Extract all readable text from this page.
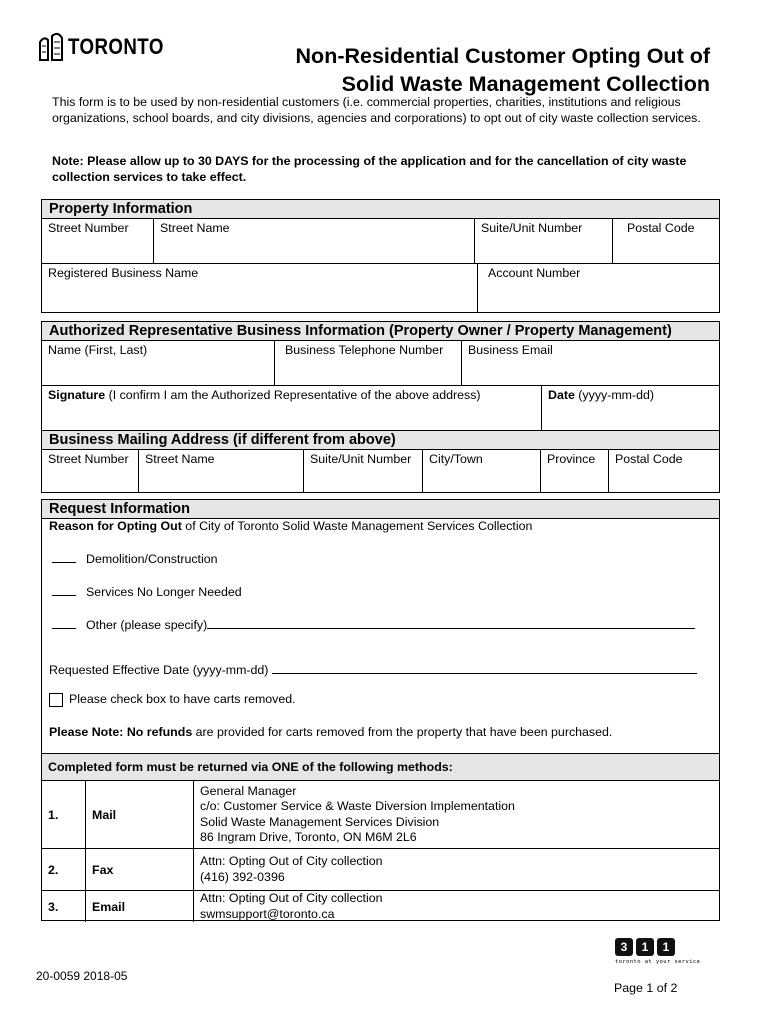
TORONTO	Non-Residential Customer Opting Out of
Solid Waste Management Collection
This form is to be used by non-residential customers (i.e. commercial properties, charities, institutions and religious organizations, school boards, and city divisions, agencies and corporations) to opt out of city waste collection services.
Note: Please allow up to 30 DAYS for the processing of the application and for the cancellation of city waste collection services to take effect.
Property Information
Street Number	Street Name	Suite/Unit Number	Postal Code
Registered Business Name	Account Number
Authorized Representative Business Information (Property Owner / Property Management)
Name (First, Last)	Business Telephone Number	Business Email
Signature (I confirm I am the Authorized Representative of the above address)	Date (yyyy-mm-dd)
Business Mailing Address (if different from above)
Street Number	Street Name	Suite/Unit Number	City/Town	Province	Postal Code
Request Information
Reason for Opting Out of City of Toronto Solid Waste Management Services Collection
Demolition/Construction
Services No Longer Needed
Other (please specify)
Requested Effective Date (yyyy-mm-dd)
Please check box to have carts removed.
Please Note: No refunds are provided for carts removed from the property that have been purchased.
Completed form must be returned via ONE of the following methods:		
1.	Mail	General Manager
c/o: Customer Service & Waste Diversion Implementation
Solid Waste Management Services Division
86 Ingram Drive, Toronto, ON M6M 2L6

2.	Fax	Attn: Opting Out of City collection
(416) 392-0396

3.	Email	Attn: Opting Out of City collection
swmsupport@toronto.ca
3	1	1
toronto at your service
20-0059 2018-05
Page 1 of 2
